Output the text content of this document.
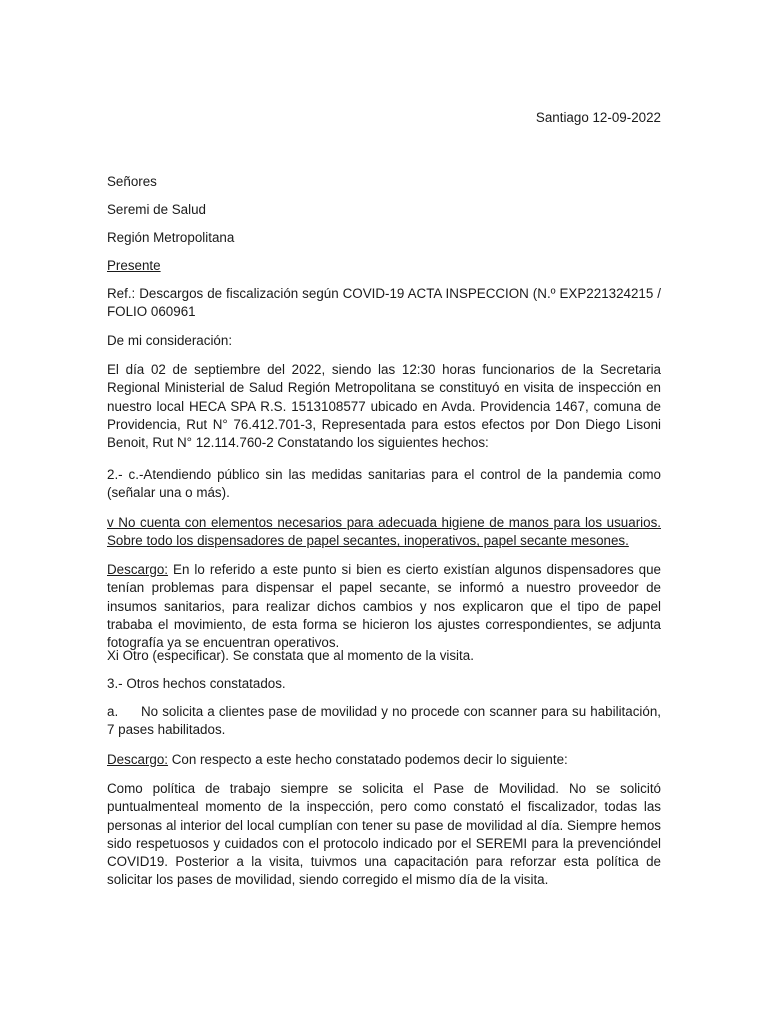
Santiago 12-09-2022
Señores
Seremi de Salud
Región Metropolitana
Presente
Ref.: Descargos de fiscalización según COVID-19 ACTA INSPECCION (N.º EXP221324215 / FOLIO 060961
De mi consideración:
El día 02 de septiembre del 2022, siendo las 12:30 horas funcionarios de la Secretaria Regional Ministerial de Salud Región Metropolitana se constituyó en visita de inspección en nuestro local HECA SPA R.S. 1513108577 ubicado en Avda. Providencia 1467, comuna de Providencia, Rut N° 76.412.701-3, Representada para estos efectos por Don Diego Lisoni Benoit, Rut N° 12.114.760-2 Constatando los siguientes hechos:
2.- c.-Atendiendo público sin las medidas sanitarias para el control de la pandemia como (señalar una o más).
v No cuenta con elementos necesarios para adecuada higiene de manos para los usuarios. Sobre todo los dispensadores de papel secantes, inoperativos, papel secante mesones.
Descargo: En lo referido a este punto si bien es cierto existían algunos dispensadores que tenían problemas para dispensar el papel secante, se informó a nuestro proveedor de insumos sanitarios, para realizar dichos cambios y nos explicaron que el tipo de papel trababa el movimiento, de esta forma se hicieron los ajustes correspondientes, se adjunta fotografía ya se encuentran operativos.
Xi Otro (especificar). Se constata que al momento de la visita.
3.- Otros hechos constatados.
a. No solicita a clientes pase de movilidad y no procede con scanner para su habilitación, 7 pases habilitados.
Descargo: Con respecto a este hecho constatado podemos decir lo siguiente:
Como política de trabajo siempre se solicita el Pase de Movilidad. No se solicitó puntualmenteal momento de la inspección, pero como constató el fiscalizador, todas las personas al interior del local cumplían con tener su pase de movilidad al día. Siempre hemos sido respetuosos y cuidados con el protocolo indicado por el SEREMI para la prevencióndel COVID19. Posterior a la visita, tuivmos una capacitación para reforzar esta política de solicitar los pases de movilidad, siendo corregido el mismo día de la visita.
